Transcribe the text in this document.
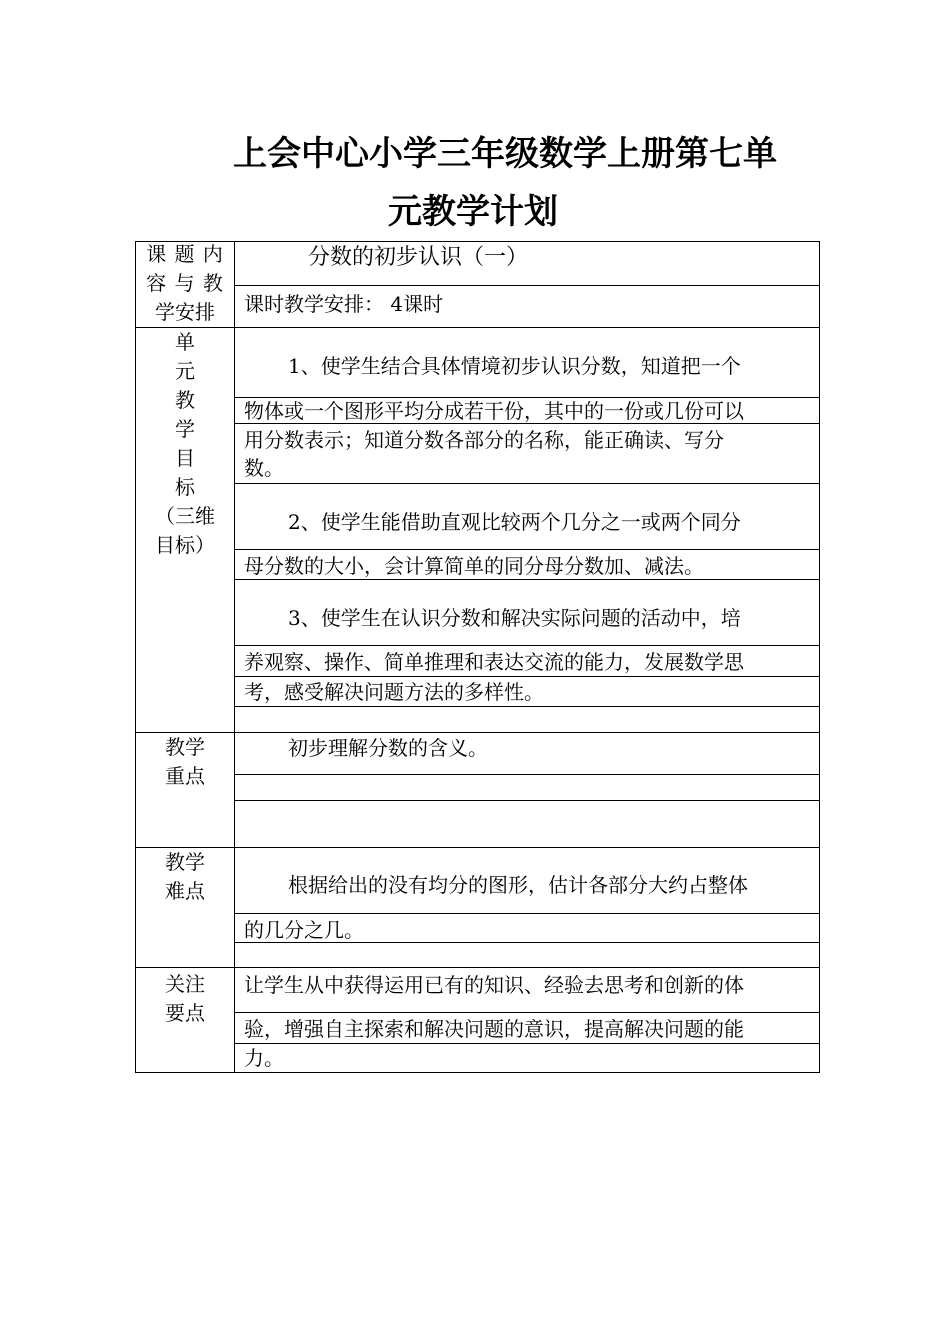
上会中心小学三年级数学上册第七单
元教学计划
课 题 内
容 与 教
学安排
单
元
教
学
目
标
（三维
目标）
教学
重点
教学
难点
关注
要点
分数的初步认识（一）
课时教学安排： 4课时
1、使学生结合具体情境初步认识分数，知道把一个
物体或一个图形平均分成若干份，其中的一份或几份可以
用分数表示；知道分数各部分的名称，能正确读、写分
数。
2、使学生能借助直观比较两个几分之一或两个同分
母分数的大小，会计算简单的同分母分数加、减法。
3、使学生在认识分数和解决实际问题的活动中，培
养观察、操作、简单推理和表达交流的能力，发展数学思
考，感受解决问题方法的多样性。
初步理解分数的含义。
根据给出的没有均分的图形，估计各部分大约占整体
的几分之几。
让学生从中获得运用已有的知识、经验去思考和创新的体
验，增强自主探索和解决问题的意识，提高解决问题的能
力。
